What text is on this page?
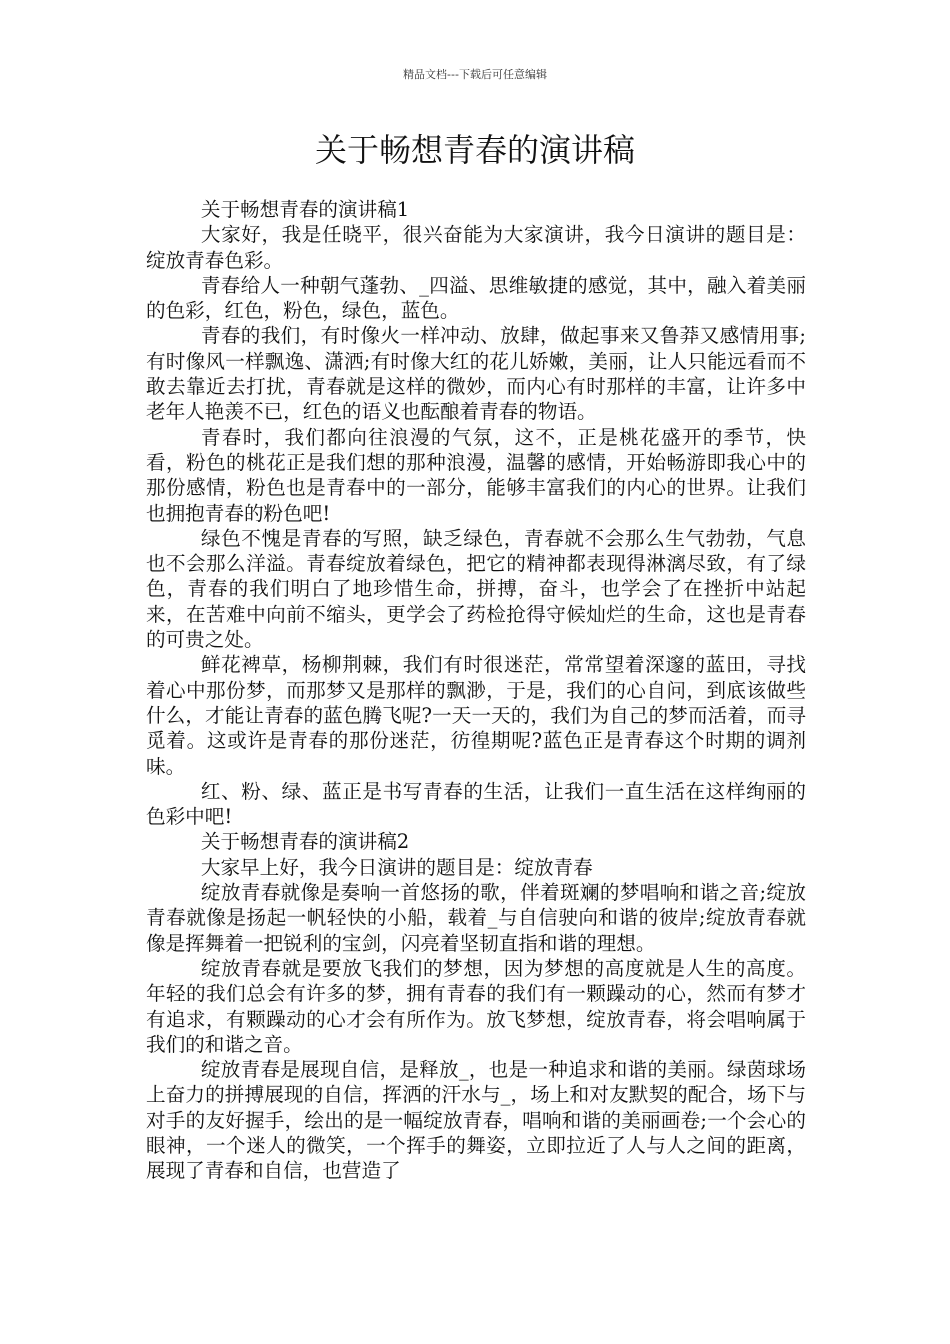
精品文档---下载后可任意编辑
关于畅想青春的演讲稿

关于畅想青春的演讲稿1

大家好，我是任晓平，很兴奋能为大家演讲，我今日演讲的题目是：绽放青春色彩。

青春给人一种朝气蓬勃、_四溢、思维敏捷的感觉，其中，融入着美丽的色彩，红色，粉色，绿色，蓝色。

青春的我们，有时像火一样冲动、放肆，做起事来又鲁莽又感情用事;有时像风一样飘逸、潇洒;有时像大红的花儿娇嫩，美丽，让人只能远看而不敢去靠近去打扰，青春就是这样的微妙，而内心有时那样的丰富，让许多中老年人艳羡不已，红色的语义也酝酿着青春的物语。

青春时，我们都向往浪漫的气氛，这不，正是桃花盛开的季节，快看，粉色的桃花正是我们想的那种浪漫，温馨的感情，开始畅游即我心中的那份感情，粉色也是青春中的一部分，能够丰富我们的内心的世界。让我们也拥抱青春的粉色吧!

绿色不愧是青春的写照，缺乏绿色，青春就不会那么生气勃勃，气息也不会那么洋溢。青春绽放着绿色，把它的精神都表现得淋漓尽致，有了绿色，青春的我们明白了地珍惜生命，拼搏，奋斗，也学会了在挫折中站起来，在苦难中向前不缩头，更学会了药检抢得守候灿烂的生命，这也是青春的可贵之处。

鲜花裨草，杨柳荆棘，我们有时很迷茫，常常望着深邃的蓝田，寻找着心中那份梦，而那梦又是那样的飘渺，于是，我们的心自问，到底该做些什么，才能让青春的蓝色腾飞呢?一天一天的，我们为自己的梦而活着，而寻觅着。这或许是青春的那份迷茫，彷徨期呢?蓝色正是青春这个时期的调剂味。

红、粉、绿、蓝正是书写青春的生活，让我们一直生活在这样绚丽的色彩中吧!

关于畅想青春的演讲稿2

大家早上好，我今日演讲的题目是：绽放青春

绽放青春就像是奏响一首悠扬的歌，伴着斑斓的梦唱响和谐之音;绽放青春就像是扬起一帆轻快的小船，载着_与自信驶向和谐的彼岸;绽放青春就像是挥舞着一把锐利的宝剑，闪亮着坚韧直指和谐的理想。

绽放青春就是要放飞我们的梦想，因为梦想的高度就是人生的高度。年轻的我们总会有许多的梦，拥有青春的我们有一颗躁动的心，然而有梦才有追求，有颗躁动的心才会有所作为。放飞梦想，绽放青春，将会唱响属于我们的和谐之音。

绽放青春是展现自信，是释放_，也是一种追求和谐的美丽。绿茵球场上奋力的拼搏展现的自信，挥洒的汗水与_，场上和对友默契的配合，场下与对手的友好握手，绘出的是一幅绽放青春，唱响和谐的美丽画卷;一个会心的眼神，一个迷人的微笑，一个挥手的舞姿，立即拉近了人与人之间的距离，展现了青春和自信，也营造了
